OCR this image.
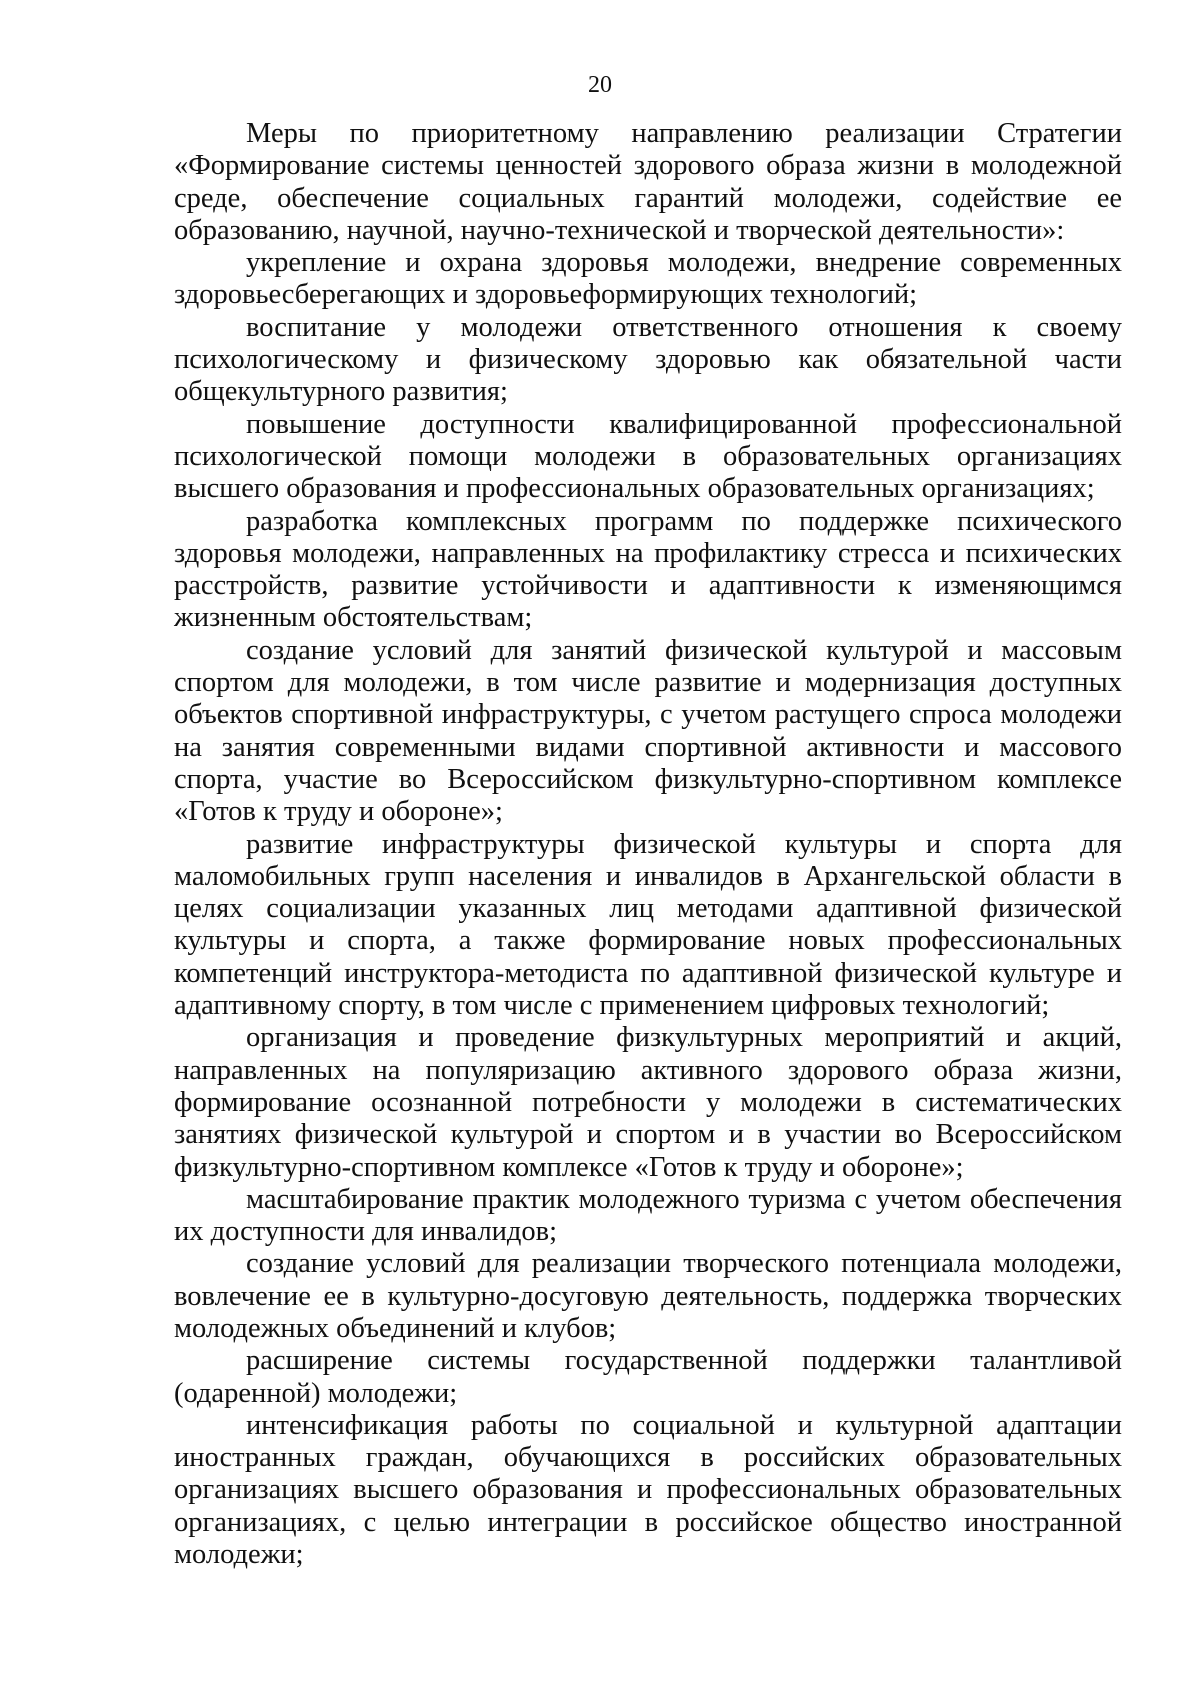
20

Меры по приоритетному направлению реализации Стратегии «Формирование системы ценностей здорового образа жизни в молодежной среде, обеспечение социальных гарантий молодежи, содействие ее образованию, научной, научно-технической и творческой деятельности»:

укрепление и охрана здоровья молодежи, внедрение современных здоровьесберегающих и здоровьеформирующих технологий;

воспитание у молодежи ответственного отношения к своему психологическому и физическому здоровью как обязательной части общекультурного развития;

повышение доступности квалифицированной профессиональной психологической помощи молодежи в образовательных организациях высшего образования и профессиональных образовательных организациях;

разработка комплексных программ по поддержке психического здоровья молодежи, направленных на профилактику стресса и психических расстройств, развитие устойчивости и адаптивности к изменяющимся жизненным обстоятельствам;

создание условий для занятий физической культурой и массовым спортом для молодежи, в том числе развитие и модернизация доступных объектов спортивной инфраструктуры, с учетом растущего спроса молодежи на занятия современными видами спортивной активности и массового спорта, участие во Всероссийском физкультурно-спортивном комплексе «Готов к труду и обороне»;

развитие инфраструктуры физической культуры и спорта для маломобильных групп населения и инвалидов в Архангельской области в целях социализации указанных лиц методами адаптивной физической культуры и спорта, а также формирование новых профессиональных компетенций инструктора-методиста по адаптивной физической культуре и адаптивному спорту, в том числе с применением цифровых технологий;

организация и проведение физкультурных мероприятий и акций, направленных на популяризацию активного здорового образа жизни, формирование осознанной потребности у молодежи в систематических занятиях физической культурой и спортом и в участии во Всероссийском физкультурно-спортивном комплексе «Готов к труду и обороне»;

масштабирование практик молодежного туризма с учетом обеспечения их доступности для инвалидов;

создание условий для реализации творческого потенциала молодежи, вовлечение ее в культурно-досуговую деятельность, поддержка творческих молодежных объединений и клубов;

расширение системы государственной поддержки талантливой (одаренной) молодежи;

интенсификация работы по социальной и культурной адаптации иностранных граждан, обучающихся в российских образовательных организациях высшего образования и профессиональных образовательных организациях, с целью интеграции в российское общество иностранной молодежи;
